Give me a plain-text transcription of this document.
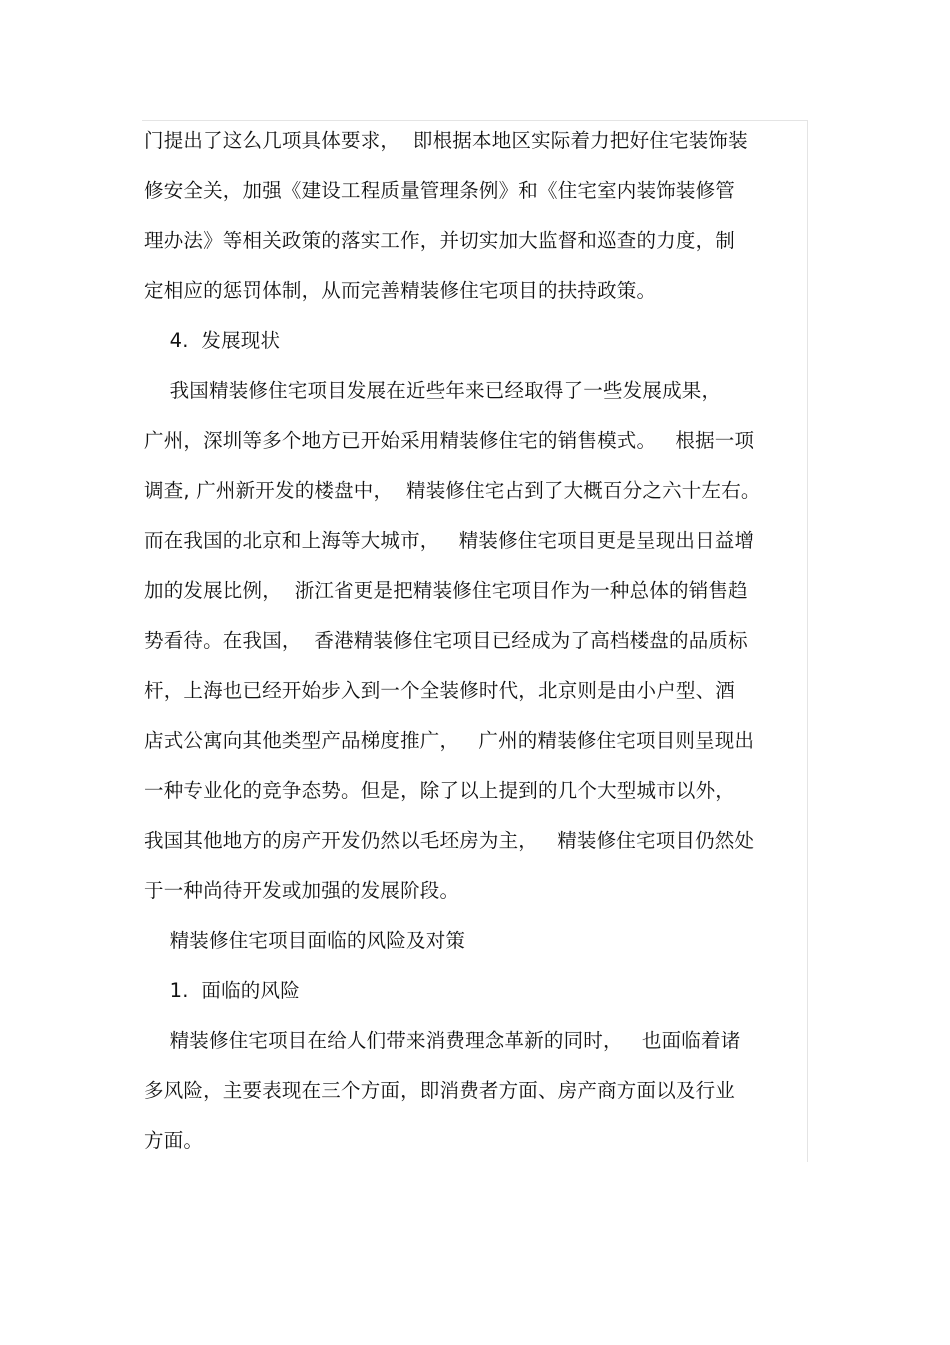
门提出了这么几项具体要求，  即根据本地区实际着力把好住宅装饰装
修安全关，加强《建设工程质量管理条例》和《住宅室内装饰装修管
理办法》等相关政策的落实工作，并切实加大监督和巡查的力度，制
定相应的惩罚体制，从而完善精装修住宅项目的扶持政策。
4.  发展现状
我国精装修住宅项目发展在近些年来已经取得了一些发展成果，
广州，深圳等多个地方已开始采用精装修住宅的销售模式。   根据一项
调查, 广州新开发的楼盘中，  精装修住宅占到了大概百分之六十左右。
而在我国的北京和上海等大城市，   精装修住宅项目更是呈现出日益增
加的发展比例，  浙江省更是把精装修住宅项目作为一种总体的销售趋
势看待。在我国，  香港精装修住宅项目已经成为了高档楼盘的品质标
杆，上海也已经开始步入到一个全装修时代，北京则是由小户型、酒
店式公寓向其他类型产品梯度推广，   广州的精装修住宅项目则呈现出
一种专业化的竞争态势。但是，除了以上提到的几个大型城市以外，
我国其他地方的房产开发仍然以毛坯房为主，   精装修住宅项目仍然处
于一种尚待开发或加强的发展阶段。
精装修住宅项目面临的风险及对策
1.  面临的风险
精装修住宅项目在给人们带来消费理念革新的同时，   也面临着诸
多风险，主要表现在三个方面，即消费者方面、房产商方面以及行业
方面。
